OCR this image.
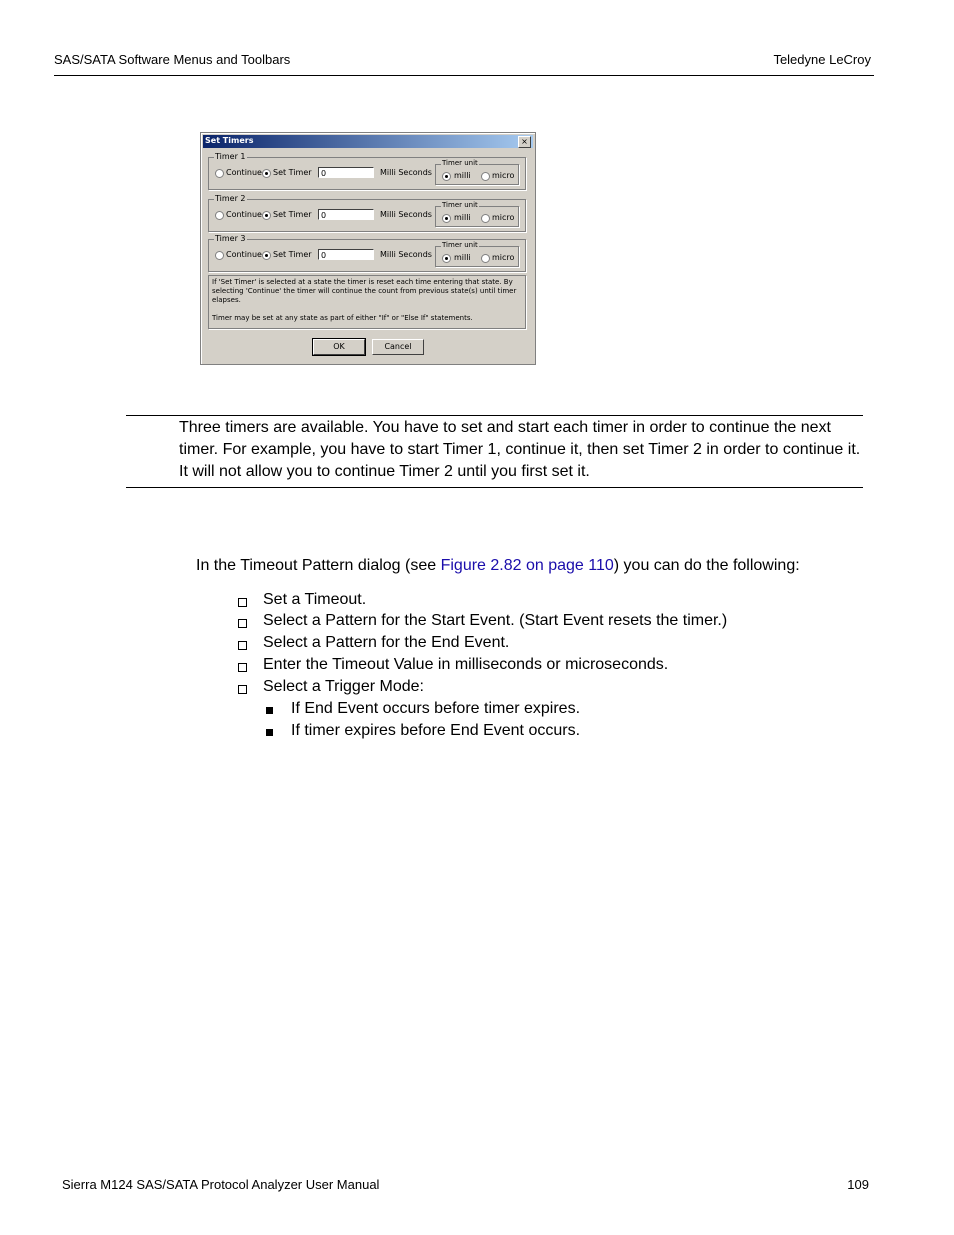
SAS/SATA Software Menus and Toolbars	Teledyne LeCroy
Set Timers	×
Timer 1
Continue Set Timer	0	Milli Seconds
Timer unit
milli	micro
Timer 2
Continue Set Timer	0	Milli Seconds
Timer unit
milli	micro
Timer 3
Continue Set Timer	0	Milli Seconds
Timer unit
milli	micro
If 'Set Timer' is selected at a state the timer is reset each time entering that state. By selecting 'Continue' the timer will continue the count from previous state(s) until timer elapses.
Timer may be set at any state as part of either "If" or "Else If" statements.
OK	Cancel
Three timers are available. You have to set and start each timer in order to continue the next timer. For example, you have to start Timer 1, continue it, then set Timer 2 in order to continue it. It will not allow you to continue Timer 2 until you first set it.
In the Timeout Pattern dialog (see Figure 2.82 on page 110) you can do the following:
Set a Timeout.
Select a Pattern for the Start Event. (Start Event resets the timer.)
Select a Pattern for the End Event.
Enter the Timeout Value in milliseconds or microseconds.
Select a Trigger Mode:
If End Event occurs before timer expires.
If timer expires before End Event occurs.
Sierra M124 SAS/SATA Protocol Analyzer User Manual	109
